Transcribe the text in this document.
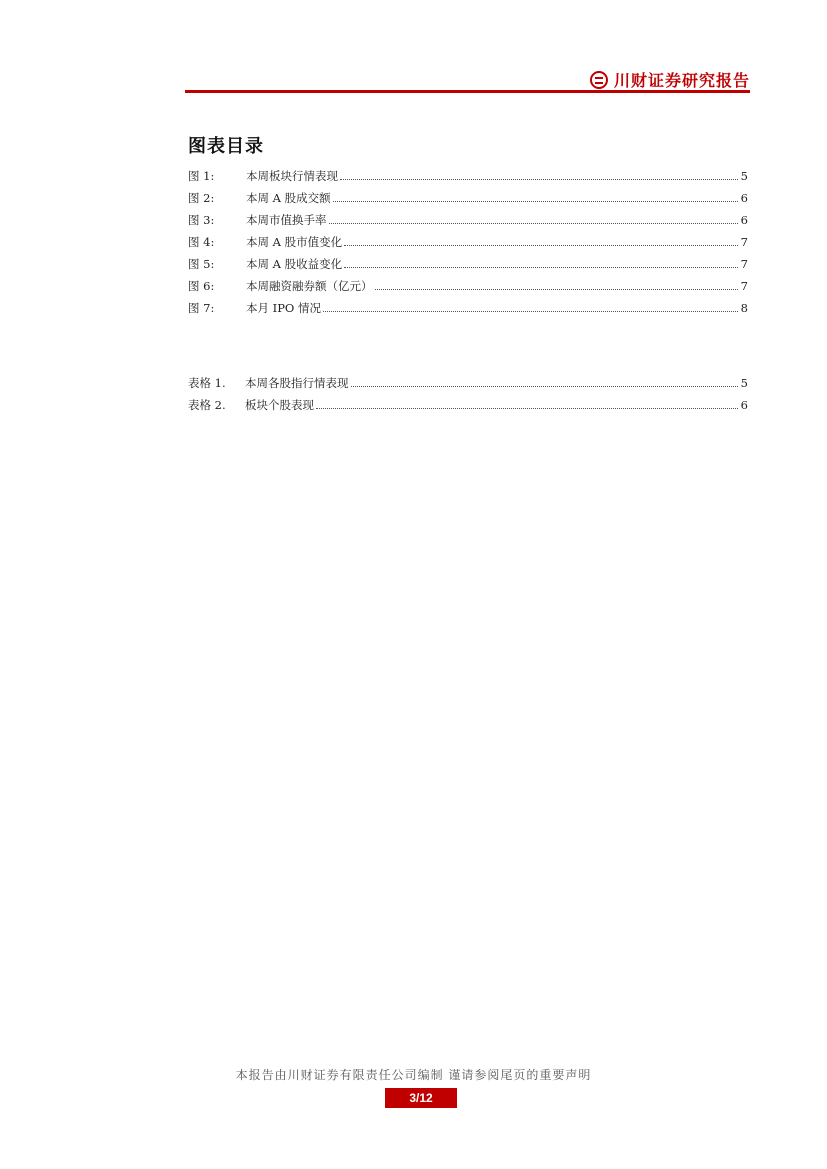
川财证券研究报告
图表目录
图 1:	本周板块行情表现	5
图 2:	本周 A 股成交额	6
图 3:	本周市值换手率	6
图 4:	本周 A 股市值变化	7
图 5:	本周 A 股收益变化	7
图 6:	本周融资融券额（亿元）	7
图 7:	本月 IPO 情况	8
表格 1.	本周各股指行情表现	5
表格 2.	板块个股表现	6
本报告由川财证券有限责任公司编制 谨请参阅尾页的重要声明
3/12
